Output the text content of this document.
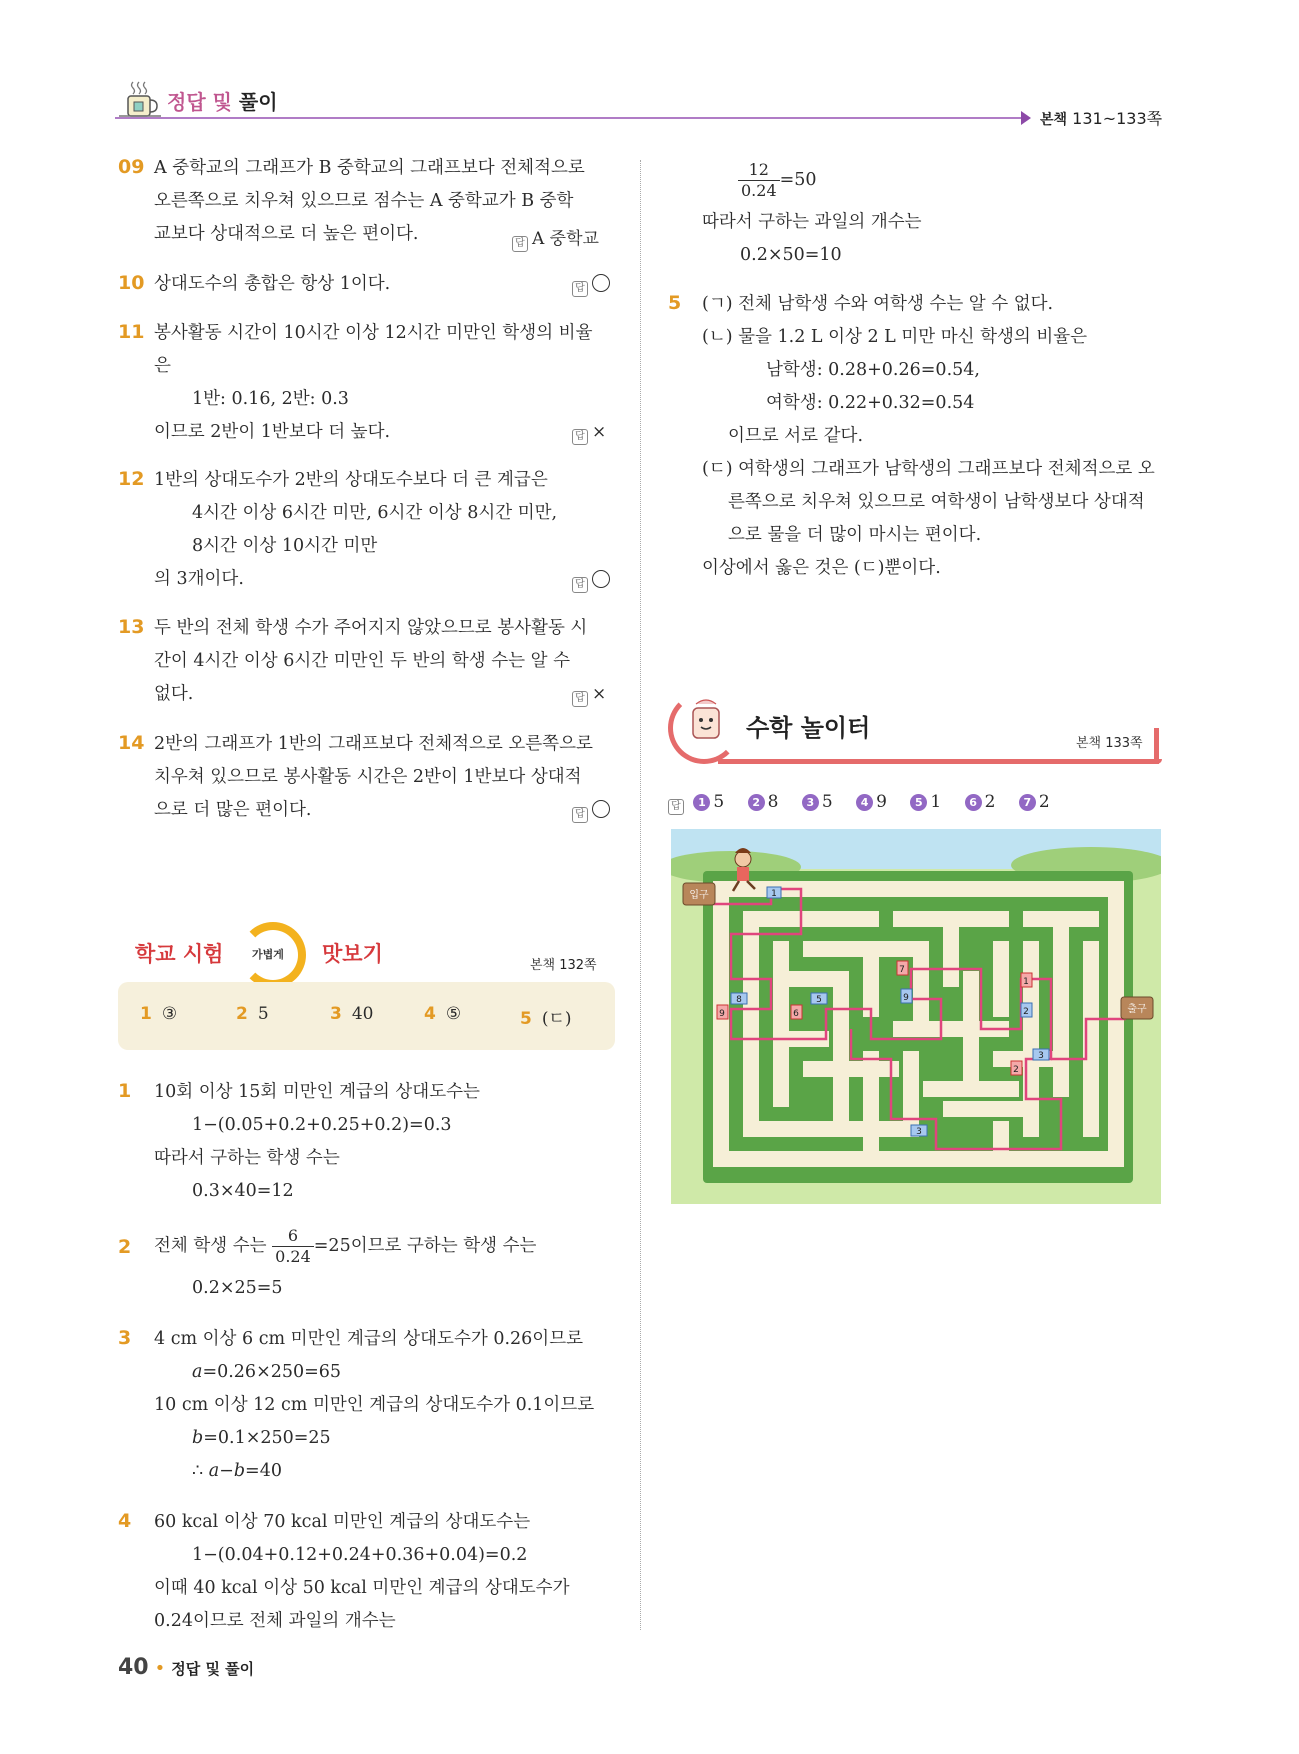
정답 및 풀이
본책 131~133쪽
09 A 중학교의 그래프가 B 중학교의 그래프보다 전체적으로
오른쪽으로 치우쳐 있으므로 점수는 A 중학교가 B 중학
교보다 상대적으로 더 높은 편이다.	답 A 중학교
10 상대도수의 총합은 항상 1이다.	답
11 봉사활동 시간이 10시간 이상 12시간 미만인 학생의 비율
은
1반: 0.16, 2반: 0.3
이므로 2반이 1반보다 더 높다.	답 ×
12 1반의 상대도수가 2반의 상대도수보다 더 큰 계급은
4시간 이상 6시간 미만, 6시간 이상 8시간 미만,
8시간 이상 10시간 미만
의 3개이다.	답
13 두 반의 전체 학생 수가 주어지지 않았으므로 봉사활동 시
간이 4시간 이상 6시간 미만인 두 반의 학생 수는 알 수
없다.	답 ×
14 2반의 그래프가 1반의 그래프보다 전체적으로 오른쪽으로
치우쳐 있으므로 봉사활동 시간은 2반이 1반보다 상대적
으로 더 많은 편이다.	답
학교 시험	가볍게 맛보기	본책 132쪽
1 ③	2 5	3 40	4 ⑤	5 (ㄷ)
1 10회 이상 15회 미만인 계급의 상대도수는
1−(0.05+0.2+0.25+0.2)=0.3
따라서 구하는 학생 수는
0.3×40=12
2 전체 학생 수는 $\frac{6}{0.24} =25$이므로 구하는 학생 수는
0.2×25=5
3 4 cm 이상 6 cm 미만인 계급의 상대도수가 0.26이므로
a=0.26×250=65
10 cm 이상 12 cm 미만인 계급의 상대도수가 0.1이므로
b=0.1×250=25
∴ a−b=40
4 60 kcal 이상 70 kcal 미만인 계급의 상대도수는
1−(0.04+0.12+0.24+0.36+0.04)=0.2
이때 40 kcal 이상 50 kcal 미만인 계급의 상대도수가
0.24이므로 전체 과일의 개수는
$\frac{12}{0.24} =50$
따라서 구하는 과일의 개수는
0.2×50=10
5 (ㄱ) 전체 남학생 수와 여학생 수는 알 수 없다.
(ㄴ) 물을 1.2 L 이상 2 L 미만 마신 학생의 비율은
남학생: 0.28+0.26=0.54,
여학생: 0.22+0.32=0.54
이므로 서로 같다.
(ㄷ) 여학생의 그래프가 남학생의 그래프보다 전체적으로 오
른쪽으로 치우쳐 있으므로 여학생이 남학생보다 상대적
으로 물을 더 많이 마시는 편이다.
이상에서 옳은 것은 (ㄷ)뿐이다.
수학 놀이터
본책 133쪽
답 1 5	2 8	3 5	4 9	5 1	6 2	7 2
입구
출구
1
7
1
2
8	5
6
9
9
3
2
3
40 • 정답 및 풀이
